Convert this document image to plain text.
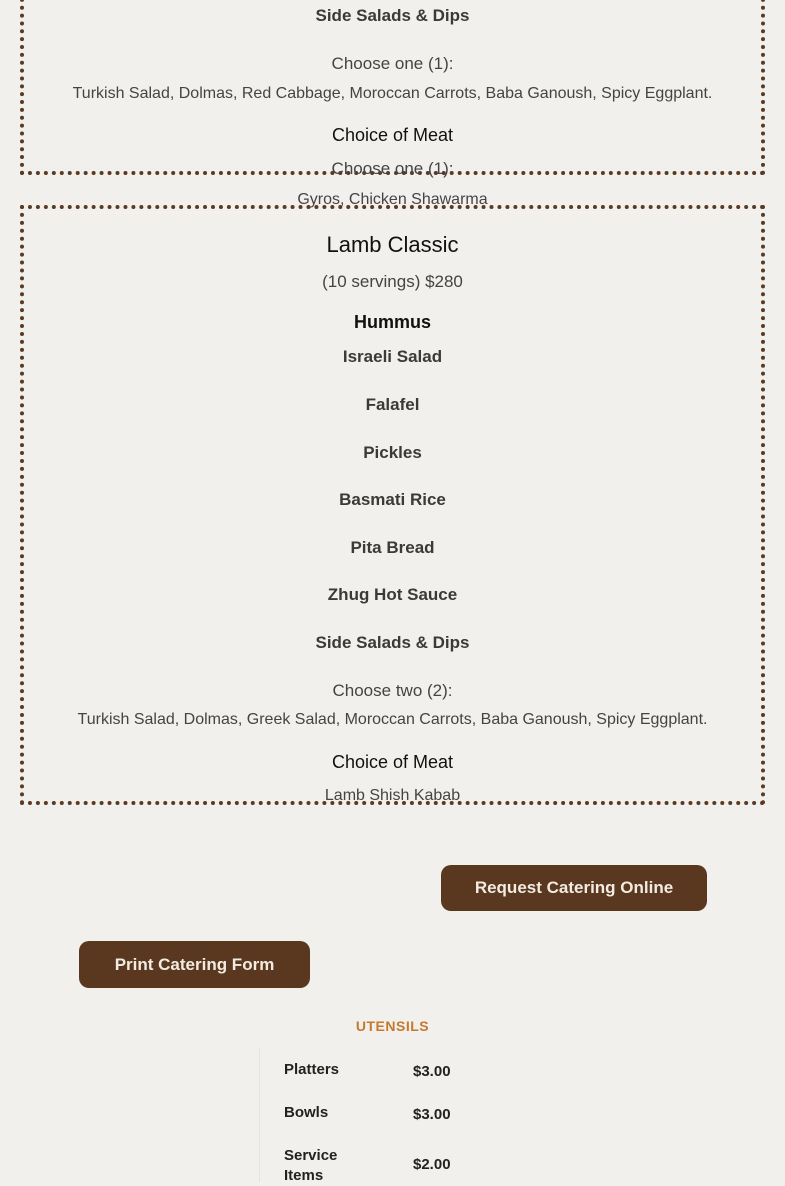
Side Salads & Dips
Choose one (1):
Turkish Salad, Dolmas, Red Cabbage, Moroccan Carrots, Baba Ganoush, Spicy Eggplant.
Choice of Meat
Choose one (1):
Gyros, Chicken Shawarma
Lamb Classic
(10 servings) $280
Hummus
Israeli Salad
Falafel
Pickles
Basmati Rice
Pita Bread
Zhug Hot Sauce
Side Salads & Dips
Choose two (2):
Turkish Salad, Dolmas, Greek Salad, Moroccan Carrots, Baba Ganoush, Spicy Eggplant.
Choice of Meat
Lamb Shish Kabab
Request Catering Online
Print Catering Form
UTENSILS
Platters	$3.00
Bowls	$3.00
Service Items
$2.00
